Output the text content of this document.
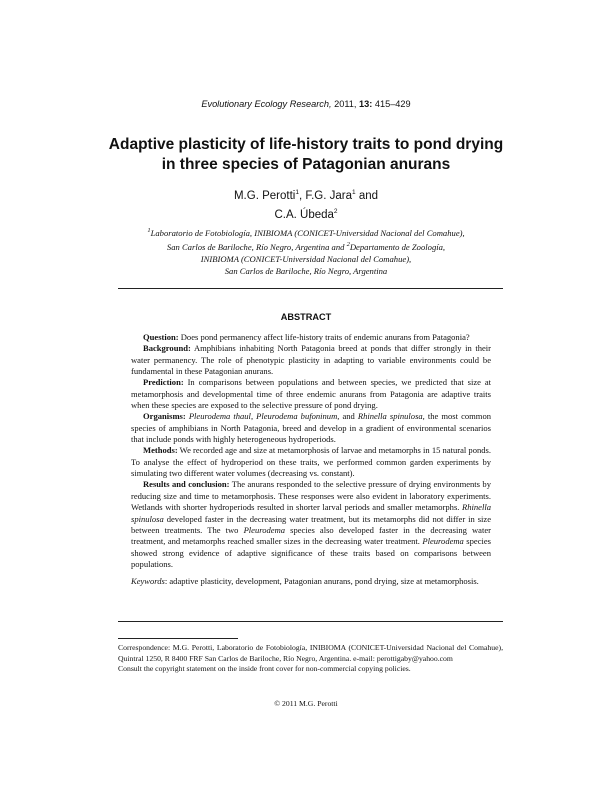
Evolutionary Ecology Research, 2011, 13: 415–429
Adaptive plasticity of life-history traits to pond drying
in three species of Patagonian anurans
M.G. Perotti$^1$, F.G. Jara$^1$ and
C.A. Úbeda$^2$
$^1$Laboratorio de Fotobiología, INIBIOMA (CONICET-Universidad Nacional del Comahue),
San Carlos de Bariloche, Río Negro, Argentina and $^2$Departamento de Zoología,
INIBIOMA (CONICET-Universidad Nacional del Comahue),
San Carlos de Bariloche, Río Negro, Argentina
ABSTRACT

Question: Does pond permanency affect life-history traits of endemic anurans from Patagonia?

Background: Amphibians inhabiting North Patagonia breed at ponds that differ strongly in their water permanency. The role of phenotypic plasticity in adapting to variable environments could be fundamental in these Patagonian anurans.

Prediction: In comparisons between populations and between species, we predicted that size at metamorphosis and developmental time of three endemic anurans from Patagonia are adaptive traits when these species are exposed to the selective pressure of pond drying.

Organisms: Pleurodema thaul, Pleurodema bufoninum, and Rhinella spinulosa, the most common species of amphibians in North Patagonia, breed and develop in a gradient of environmental scenarios that include ponds with highly heterogeneous hydroperiods.

Methods: We recorded age and size at metamorphosis of larvae and metamorphs in 15 natural ponds. To analyse the effect of hydroperiod on these traits, we performed common garden experiments by simulating two different water volumes (decreasing vs. constant).

Results and conclusion: The anurans responded to the selective pressure of drying environments by reducing size and time to metamorphosis. These responses were also evident in laboratory experiments. Wetlands with shorter hydroperiods resulted in shorter larval periods and smaller metamorphs. Rhinella spinulosa developed faster in the decreasing water treatment, but its metamorphs did not differ in size between treatments. The two Pleurodema species also developed faster in the decreasing water treatment, and metamorphs reached smaller sizes in the decreasing water treatment. Pleurodema species showed strong evidence of adaptive significance of these traits based on comparisons between populations.

Keywords: adaptive plasticity, development, Patagonian anurans, pond drying, size at metamorphosis.

Correspondence: M.G. Perotti, Laboratorio de Fotobiología, INIBIOMA (CONICET-Universidad Nacional del Comahue), Quintral 1250, R 8400 FRF San Carlos de Bariloche, Río Negro, Argentina. e-mail: perottigaby@yahoo.com

Consult the copyright statement on the inside front cover for non-commercial copying policies.

© 2011 M.G. Perotti
